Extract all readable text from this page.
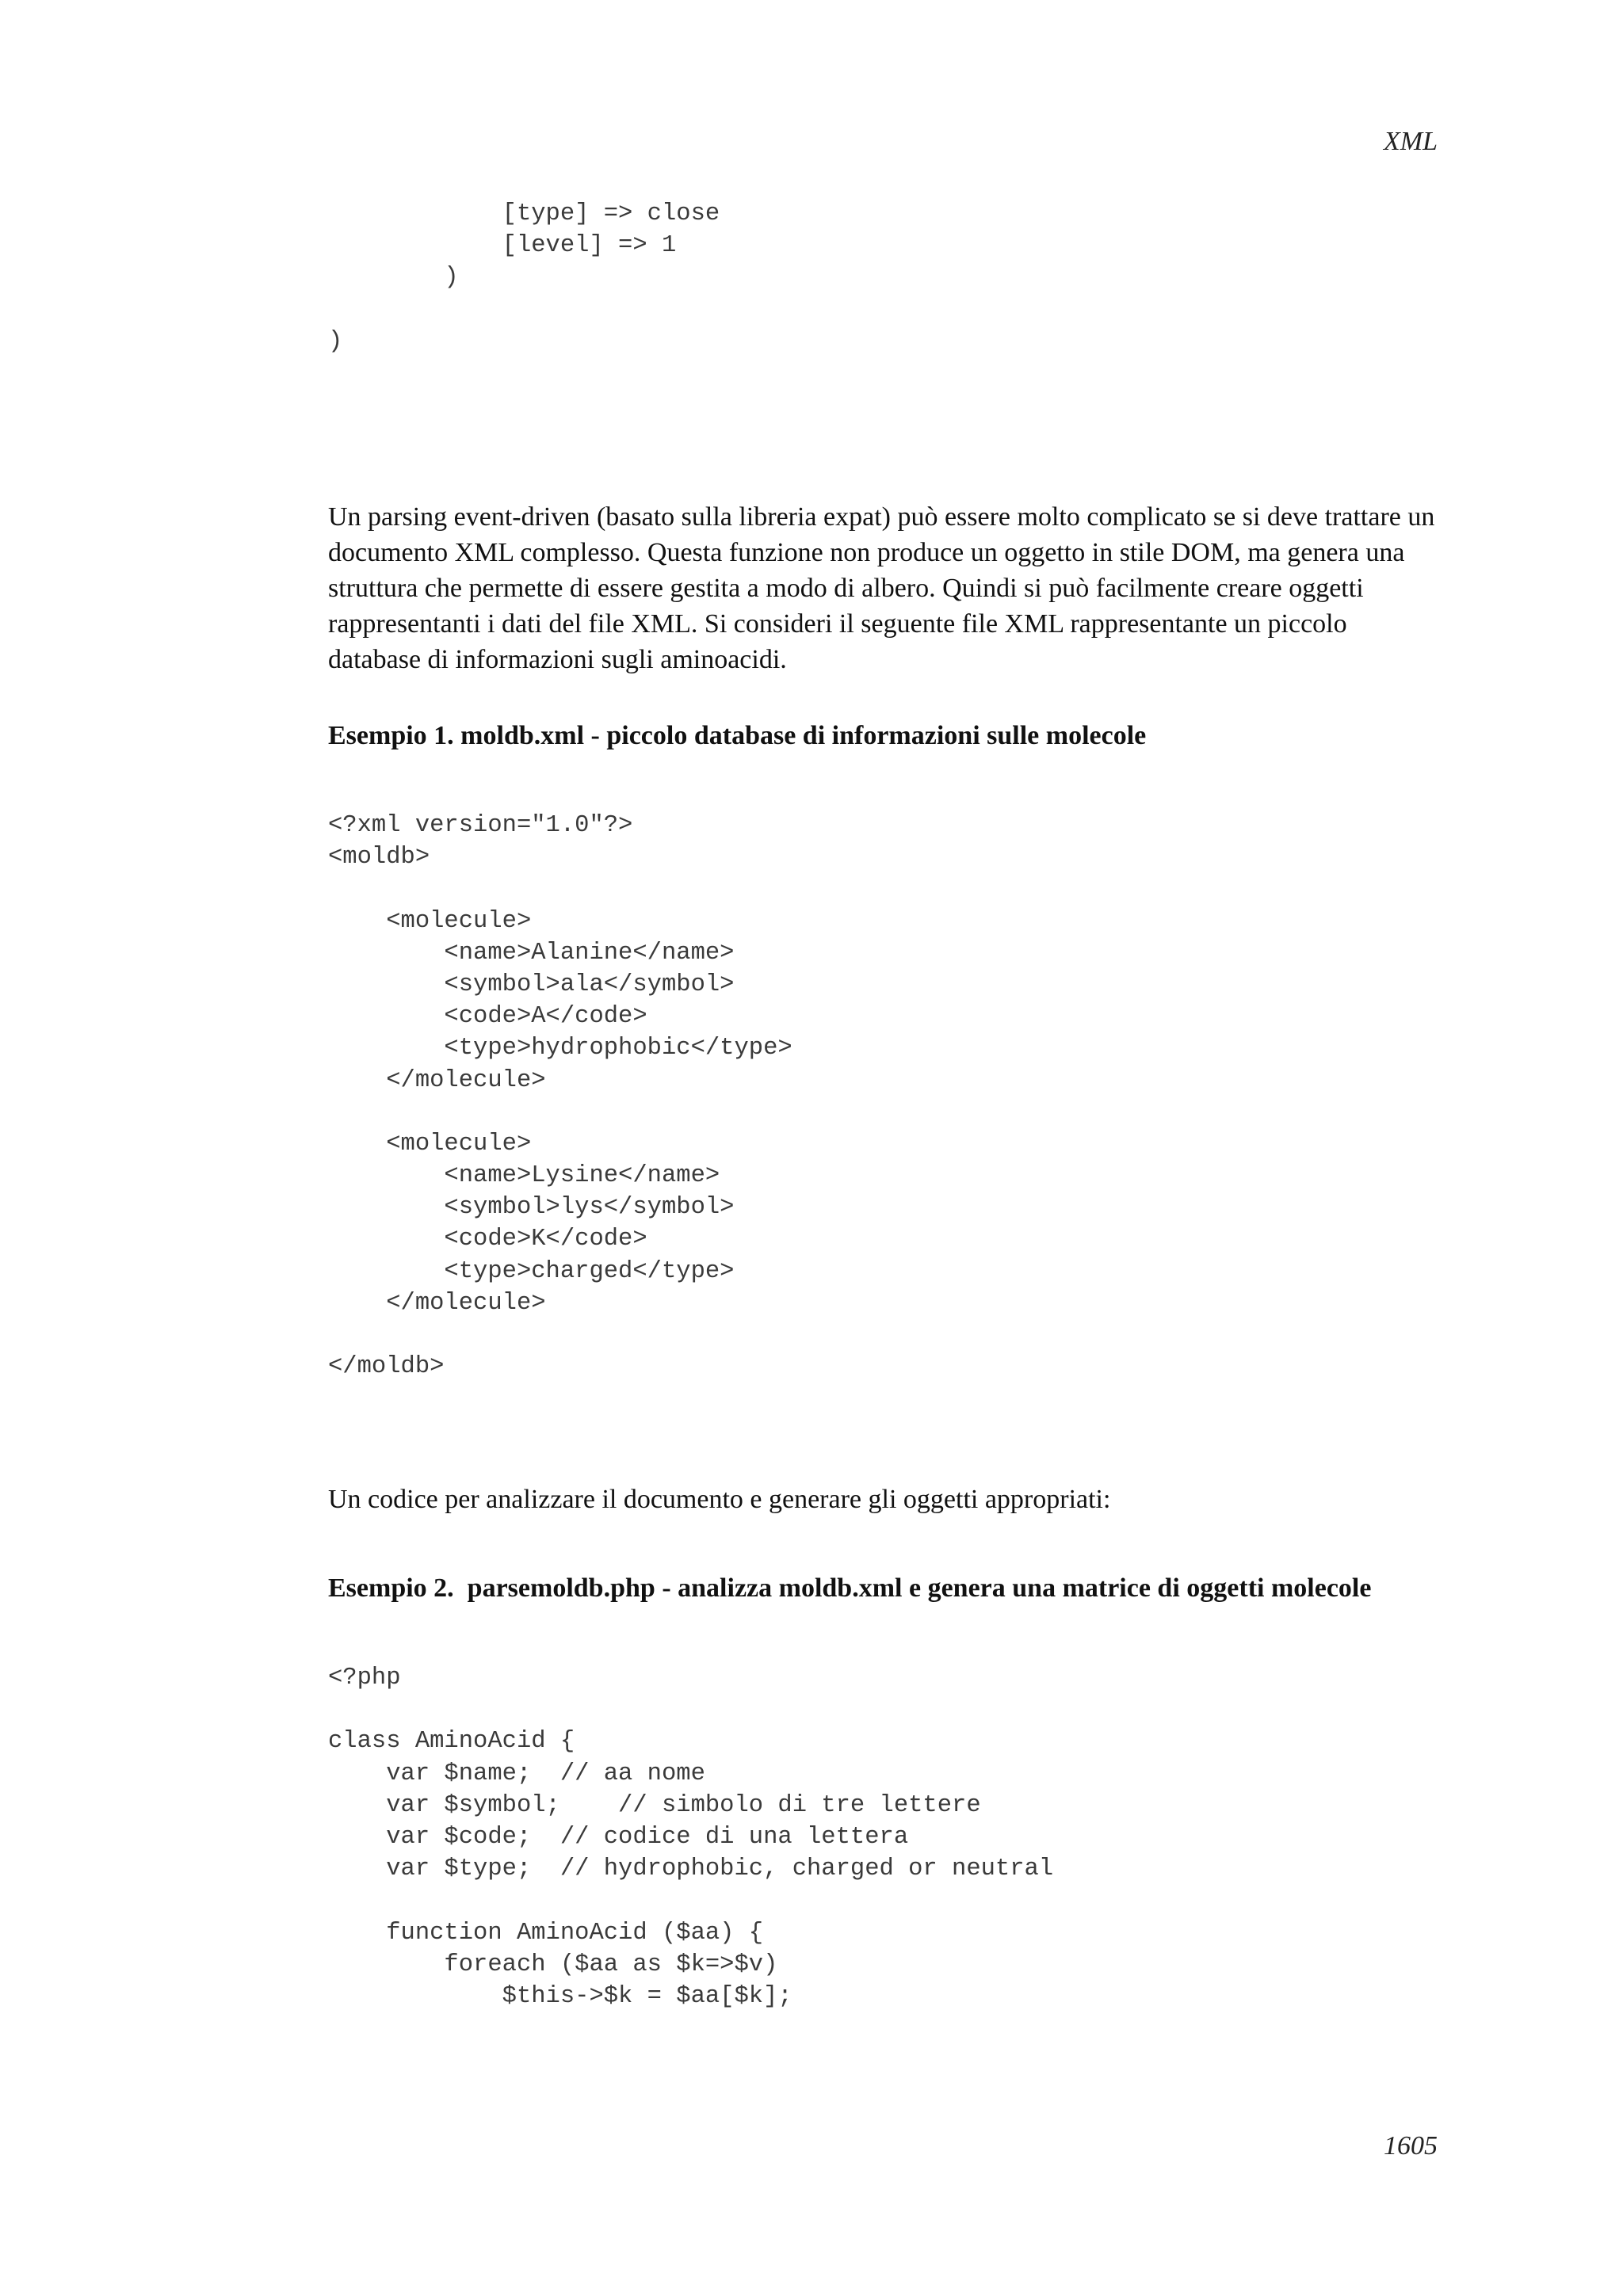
XML

[type] => close
[level] => 1
)
)

Un parsing event-driven (basato sulla libreria expat) può essere molto complicato se si deve trattare un documento XML complesso. Questa funzione non produce un oggetto in stile DOM, ma genera una struttura che permette di essere gestita a modo di albero. Quindi si può facilmente creare oggetti rappresentanti i dati del file XML. Si consideri il seguente file XML rappresentante un piccolo database di informazioni sugli aminoacidi.

Esempio 1. moldb.xml - piccolo database di informazioni sulle molecole

<?xml version="1.0"?>
<moldb>
<molecule>
<name>Alanine</name>
<symbol>ala</symbol>
<code>A</code>
<type>hydrophobic</type>
</molecule>
<molecule>
<name>Lysine</name>
<symbol>lys</symbol>
<code>K</code>
<type>charged</type>
</molecule>
</moldb>

Un codice per analizzare il documento e generare gli oggetti appropriati:

Esempio 2.  parsemoldb.php - analizza moldb.xml e genera una matrice di oggetti molecole

<?php
class AminoAcid {
var $name;  // aa nome
var $symbol;    // simbolo di tre lettere
var $code;  // codice di una lettera
var $type;  // hydrophobic, charged or neutral
function AminoAcid ($aa) {
foreach ($aa as $k=>$v)
$this->$k = $aa[$k];

1605
